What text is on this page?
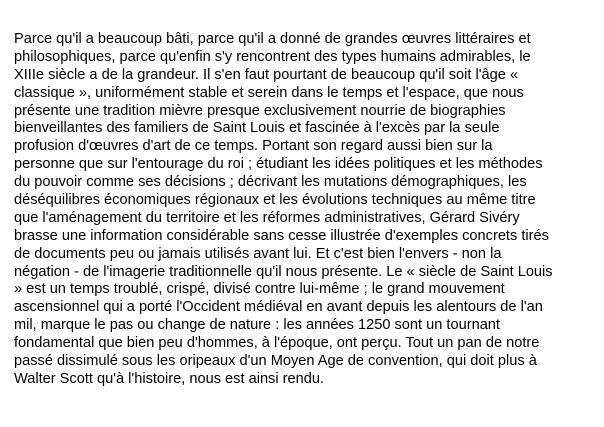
Parce qu'il a beaucoup bâti, parce qu'il a donné de grandes œuvres littéraires et
philosophiques, parce qu'enfin s'y rencontrent des types humains admirables, le
XIIIe siècle a de la grandeur. Il s'en faut pourtant de beaucoup qu'il soit l'âge «
classique », uniformément stable et serein dans le temps et l'espace, que nous
présente une tradition mièvre presque exclusivement nourrie de biographies
bienveillantes des familiers de Saint Louis et fascinée à l'excès par la seule
profusion d'œuvres d'art de ce temps. Portant son regard aussi bien sur la
personne que sur l'entourage du roi ; étudiant les idées politiques et les méthodes
du pouvoir comme ses décisions ; décrivant les mutations démographiques, les
déséquilibres économiques régionaux et les évolutions techniques au même titre
que l'aménagement du territoire et les réformes administratives, Gérard Sivéry
brasse une information considérable sans cesse illustrée d'exemples concrets tirés
de documents peu ou jamais utilisés avant lui. Et c'est bien l'envers - non la
négation - de l'imagerie traditionnelle qu'il nous présente. Le « siècle de Saint Louis
» est un temps troublé, crispé, divisé contre lui-même ; le grand mouvement
ascensionnel qui a porté l'Occident médiéval en avant depuis les alentours de l'an
mil, marque le pas ou change de nature : les années 1250 sont un tournant
fondamental que bien peu d'hommes, à l'époque, ont perçu. Tout un pan de notre
passé dissimulé sous les oripeaux d'un Moyen Age de convention, qui doit plus à
Walter Scott qu'à l'histoire, nous est ainsi rendu.
